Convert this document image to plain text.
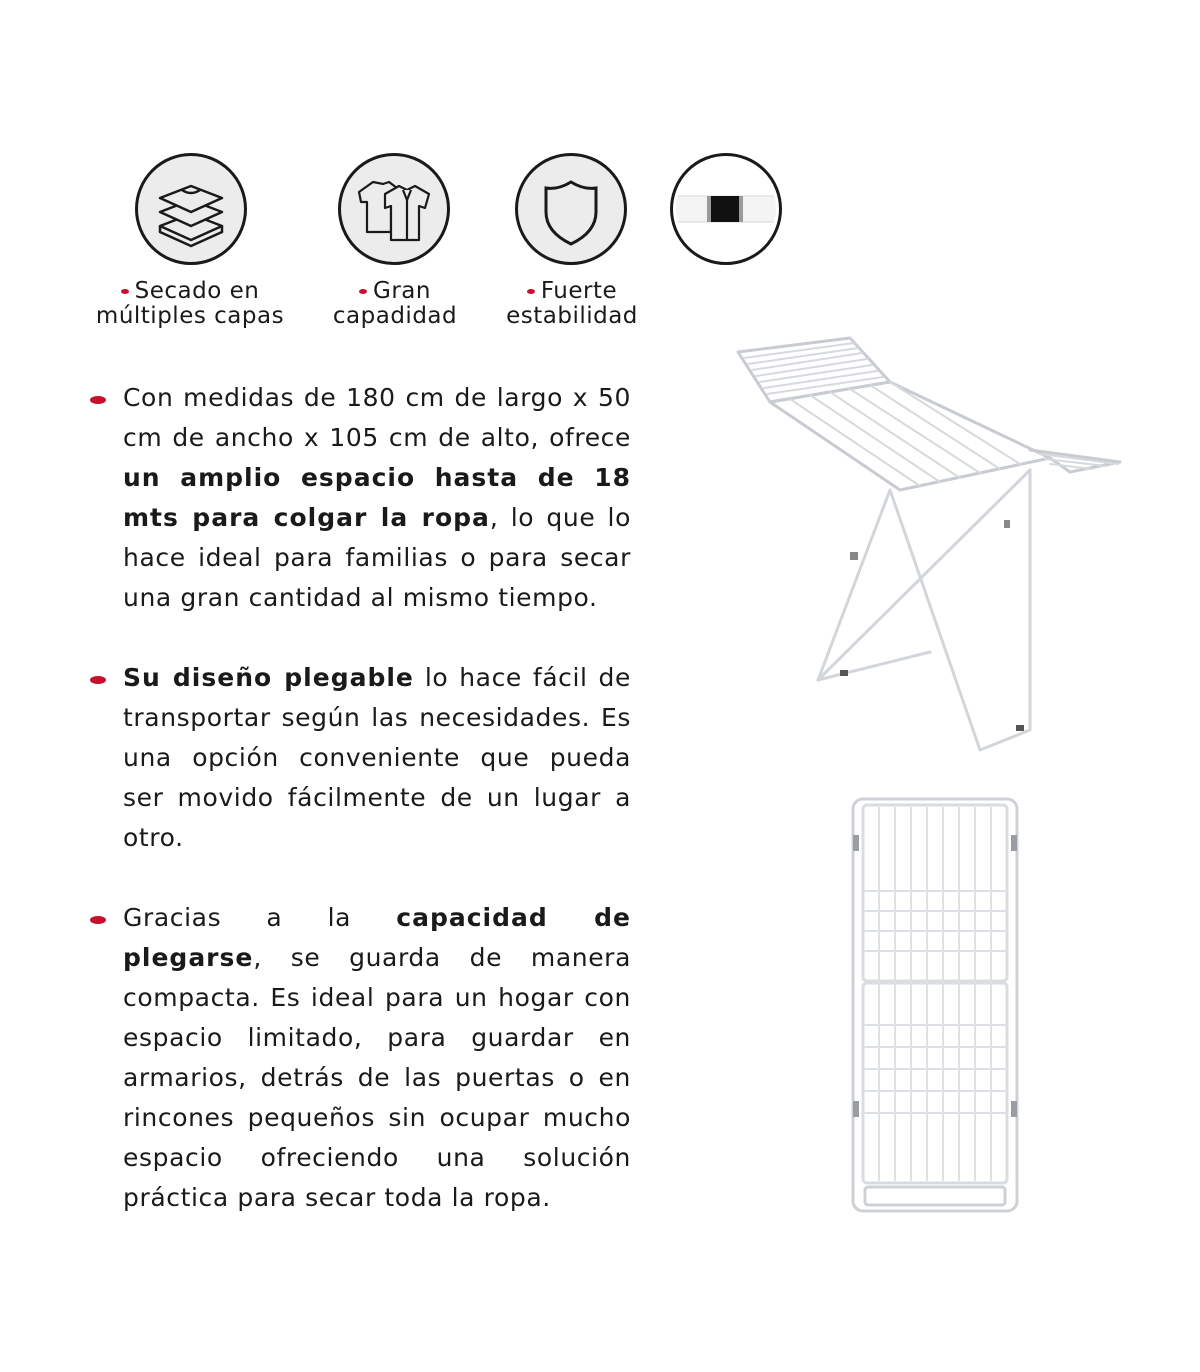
Secado en
múltiples capas
Gran
capadidad
Fuerte
estabilidad
Con medidas de 180 cm de largo x 50 cm de ancho x 105 cm de alto, ofrece un amplio espacio hasta de 18 mts para colgar la ropa, lo que lo hace ideal para familias o para secar una gran cantidad al mismo tiempo.
Su diseño plegable lo hace fácil de transportar según las necesidades. Es una opción conveniente que pueda ser movido fácilmente de un lugar a otro.
Gracias a la capacidad de plegarse, se guarda de manera compacta. Es ideal para un hogar con espacio limitado, para guardar en armarios, detrás de las puertas o en rincones pequeños sin ocupar mucho espacio ofreciendo una solución práctica para secar toda la ropa.
